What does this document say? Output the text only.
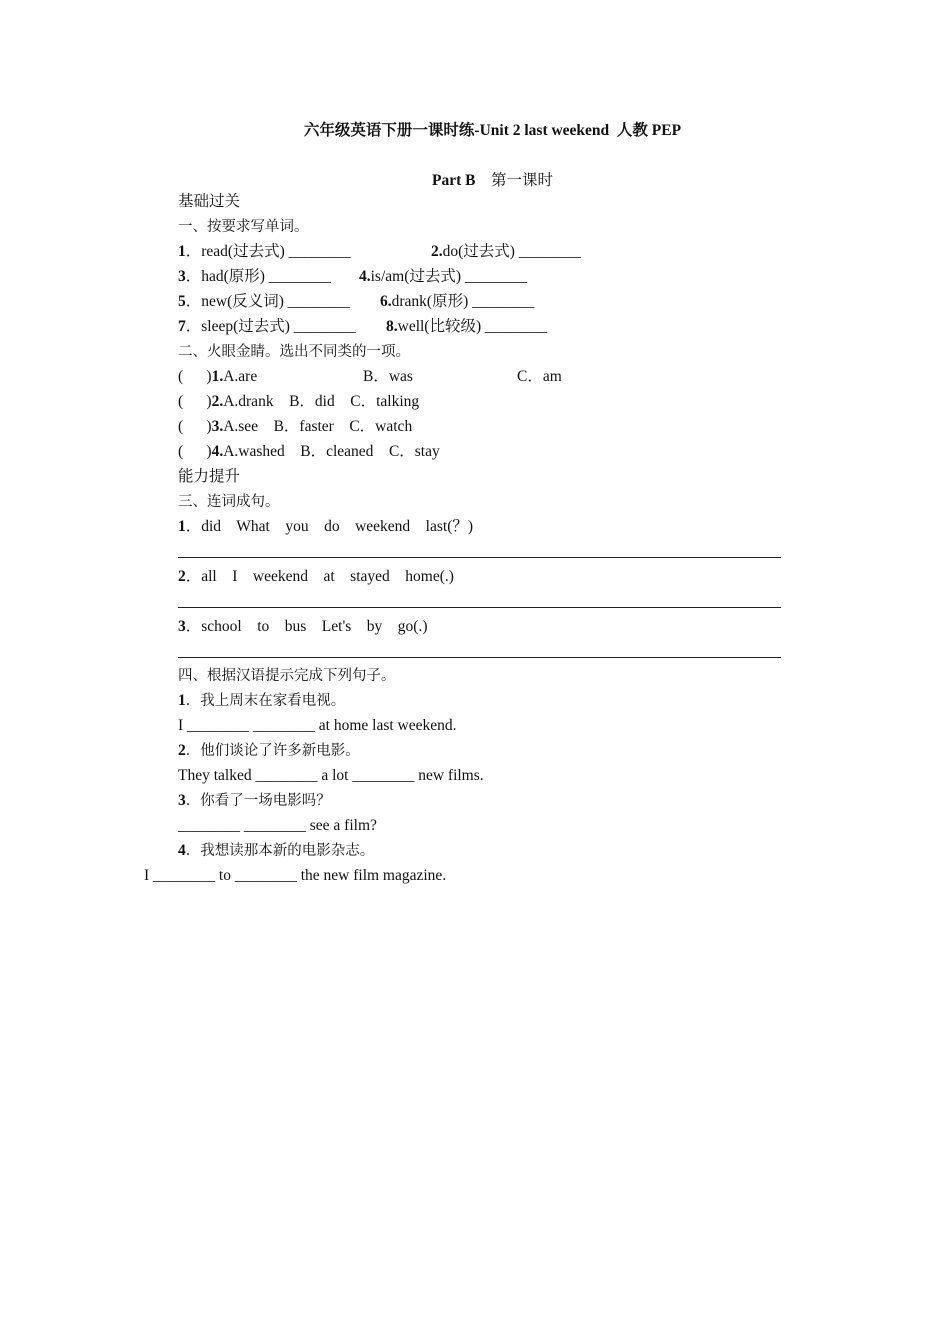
六年级英语下册一课时练-Unit 2 last weekend  人教 PEP
Part B 第一课时
基础过关
一、按要求写单词。
1．read(过去式) ________	2.do(过去式) ________
3．had(原形) ________ 4.is/am(过去式) ________
5．new(反义词) ________ 6.drank(原形) ________
7．sleep(过去式) ________ 8.well(比较级) ________
二、火眼金睛。选出不同类的一项。
(      )1.A.are	B．was	C．am
(      )2.A.drank B．did C．talking
(      )3.A.see B．faster C．watch
(      )4.A.washed B．cleaned C．stay
能力提升
三、连词成句。
1．did    What    you    do    weekend    last(？)
2．all    I    weekend    at    stayed    home(.)
3．school    to    bus    Let's    by    go(.)
四、根据汉语提示完成下列句子。
1．我上周末在家看电视。
I ________ ________ at home last weekend.
2．他们谈论了许多新电影。
They talked ________ a lot ________ new films.
3．你看了一场电影吗？
________ ________ see a film?
4．我想读那本新的电影杂志。
I ________ to ________ the new film magazine.
